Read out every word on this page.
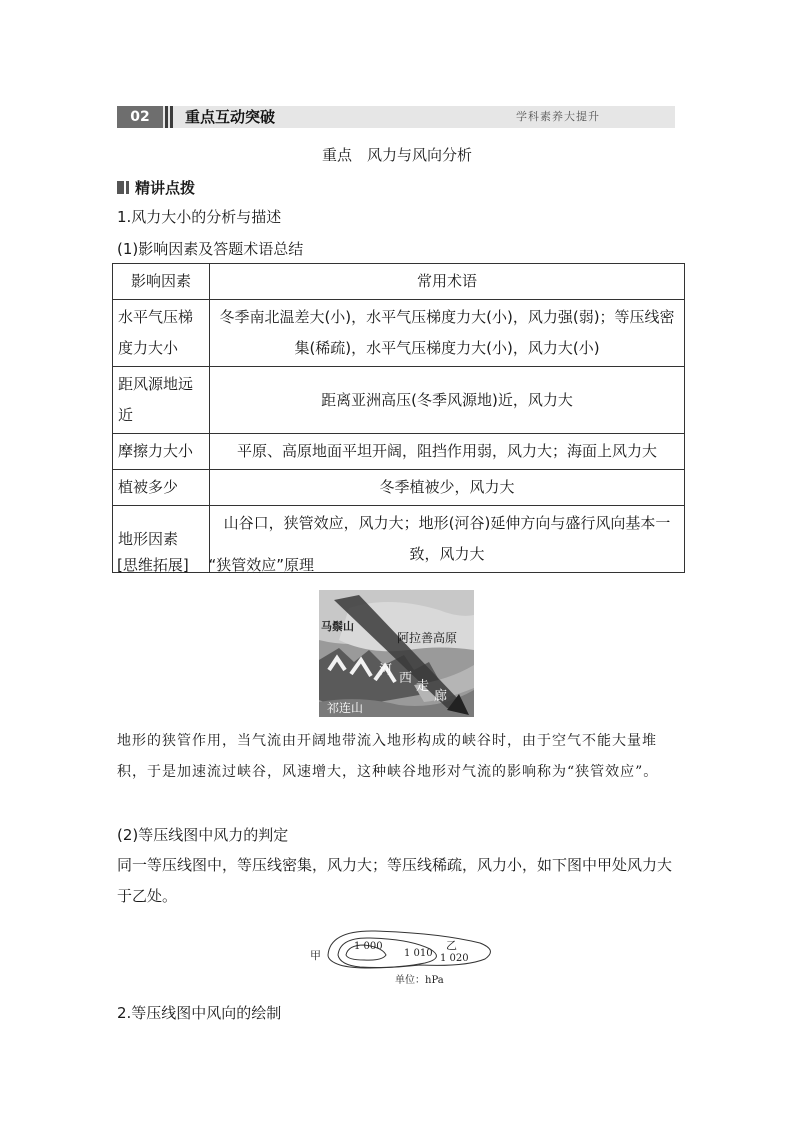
02	重点互动突破	学科素养大提升
重点　风力与风向分析
精讲点拨
1.风力大小的分析与描述
(1)影响因素及答题术语总结
影响因素	常用术语
水平气压梯度力大小	冬季南北温差大(小)，水平气压梯度力大(小)，风力强(弱)；等压线密集(稀疏)，水平气压梯度力大(小)，风力大(小)
距风源地远近	距离亚洲高压(冬季风源地)近，风力大
摩擦力大小	平原、高原地面平坦开阔，阻挡作用弱，风力大；海面上风力大
植被多少	冬季植被少，风力大
地形因素	山谷口，狭管效应，风力大；地形(河谷)延伸方向与盛行风向基本一致，风力大
[思维拓展]　 “狭管效应”原理
马鬃山
阿拉善高原
河
西
走
廊
祁连山
地形的狭管作用，当气流由开阔地带流入地形构成的峡谷时，由于空气不能大量堆积，于是加速流过峡谷，风速增大，这种峡谷地形对气流的影响称为“狭管效应”。
(2)等压线图中风力的判定
同一等压线图中，等压线密集，风力大；等压线稀疏，风力小，如下图中甲处风力大于乙处。
甲
乙
1 000
1 010 1 020
单位：hPa
2.等压线图中风向的绘制
